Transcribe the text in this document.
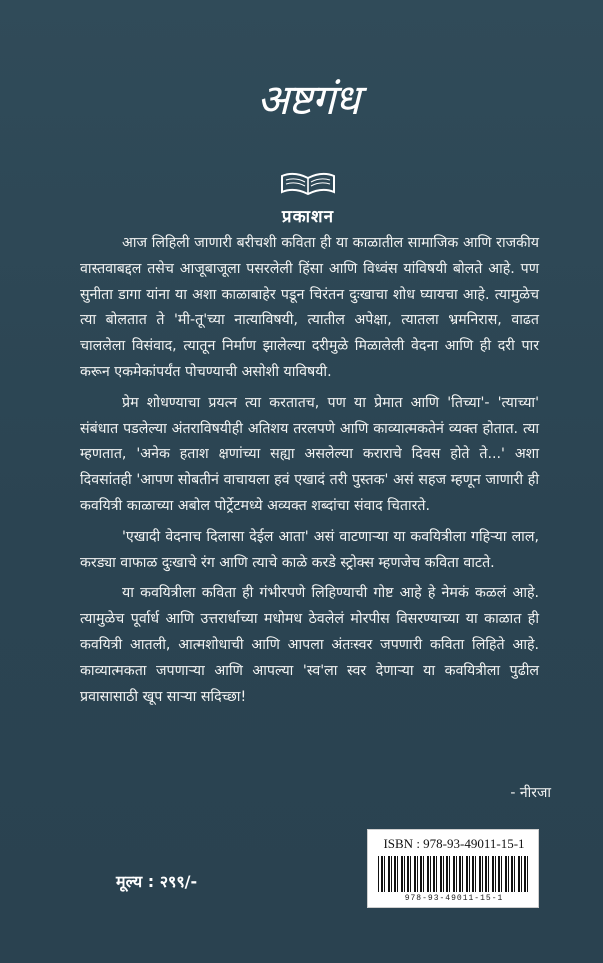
अष्टगंध
प्रकाशन

आज लिहिली जाणारी बरीचशी कविता ही या काळातील सामाजिक आणि राजकीय वास्तवाबद्दल तसेच आजूबाजूला पसरलेली हिंसा आणि विध्वंस यांविषयी बोलते आहे. पण सुनीता डागा यांना या अशा काळाबाहेर पडून चिरंतन दुःखाचा शोध घ्यायचा आहे. त्यामुळेच त्या बोलतात ते 'मी-तू'च्या नात्याविषयी, त्यातील अपेक्षा, त्यातला भ्रमनिरास, वाढत चाललेला विसंवाद, त्यातून निर्माण झालेल्या दरीमुळे मिळालेली वेदना आणि ही दरी पार करून एकमेकांपर्यंत पोचण्याची असोशी याविषयी.

प्रेम शोधण्याचा प्रयत्न त्या करतातच, पण या प्रेमात आणि 'तिच्या'- 'त्याच्या' संबंधात पडलेल्या अंतराविषयीही अतिशय तरलपणे आणि काव्यात्मकतेनं व्यक्त होतात. त्या म्हणतात, 'अनेक हताश क्षणांच्या सह्या असलेल्या कराराचे दिवस होते ते...' अशा दिवसांतही 'आपण सोबतीनं वाचायला हवं एखादं तरी पुस्तक' असं सहज म्हणून जाणारी ही कवयित्री काळाच्या अबोल पोर्ट्रेटमध्ये अव्यक्त शब्दांचा संवाद चितारते.

'एखादी वेदनाच दिलासा देईल आता' असं वाटणाऱ्या या कवयित्रीला गहिऱ्या लाल, करड्या वाफाळ दुःखाचे रंग आणि त्याचे काळे करडे स्ट्रोक्स म्हणजेच कविता वाटते.

या कवयित्रीला कविता ही गंभीरपणे लिहिण्याची गोष्ट आहे हे नेमकं कळलं आहे. त्यामुळेच पूर्वार्ध आणि उत्तरार्धाच्या मधोमध ठेवलेलं मोरपीस विसरण्याच्या या काळात ही कवयित्री आतली, आत्मशोधाची आणि आपला अंतःस्वर जपणारी कविता लिहिते आहे. काव्यात्मकता जपणाऱ्या आणि आपल्या 'स्व'ला स्वर देणाऱ्या या कवयित्रीला पुढील प्रवासासाठी खूप साऱ्या सदिच्छा!

- नीरजा
मूल्य : २९९/-
ISBN : 978-93-49011-15-1
978-93-49011-15-1
